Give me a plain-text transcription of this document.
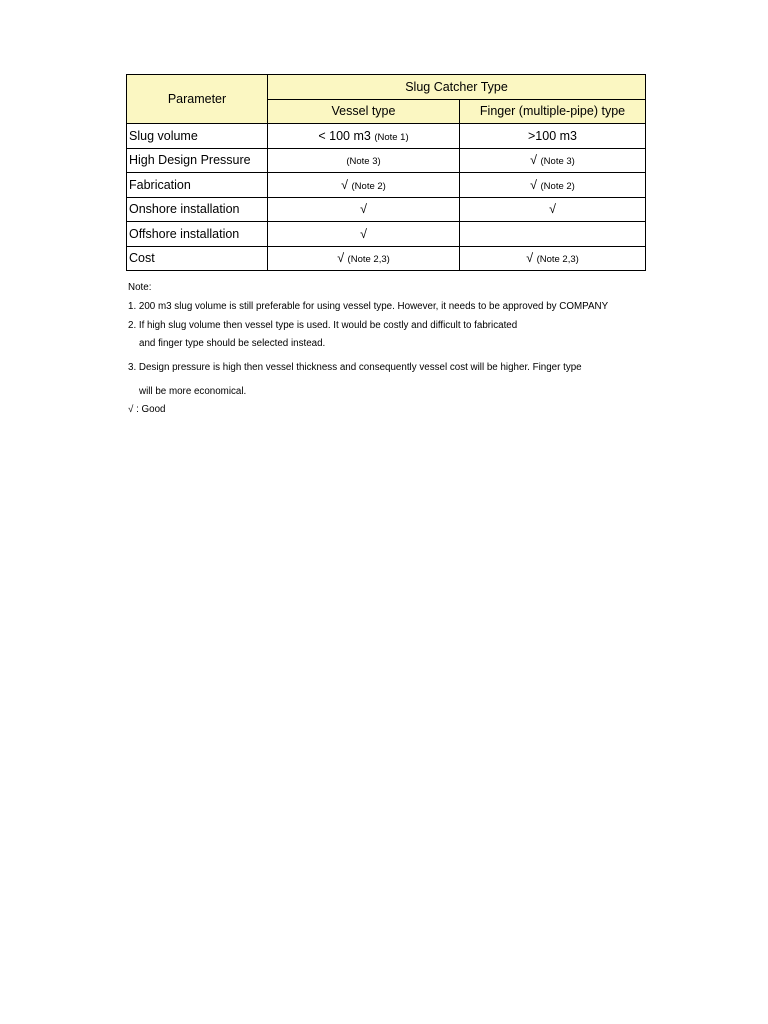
Parameter	Slug Catcher Type	
	Vessel type	Finger (multiple-pipe) type
Slug volume	< 100 m3 (Note 1)	>100 m3
High Design Pressure	(Note 3)	√ (Note 3)
Fabrication	√ (Note 2)	√ (Note 2)
Onshore installation	√	√
Offshore installation	√	
Cost	√ (Note 2,3)	√ (Note 2,3)
Note:
1. 200 m3 slug volume is still preferable for using vessel type. However, it needs to be approved by COMPANY
2. If high slug volume then vessel type is used. It would be costly and difficult to fabricated
and finger type should be selected instead.
3. Design pressure is high then vessel thickness and consequently vessel cost will be higher. Finger type
will be more economical.
√ : Good
